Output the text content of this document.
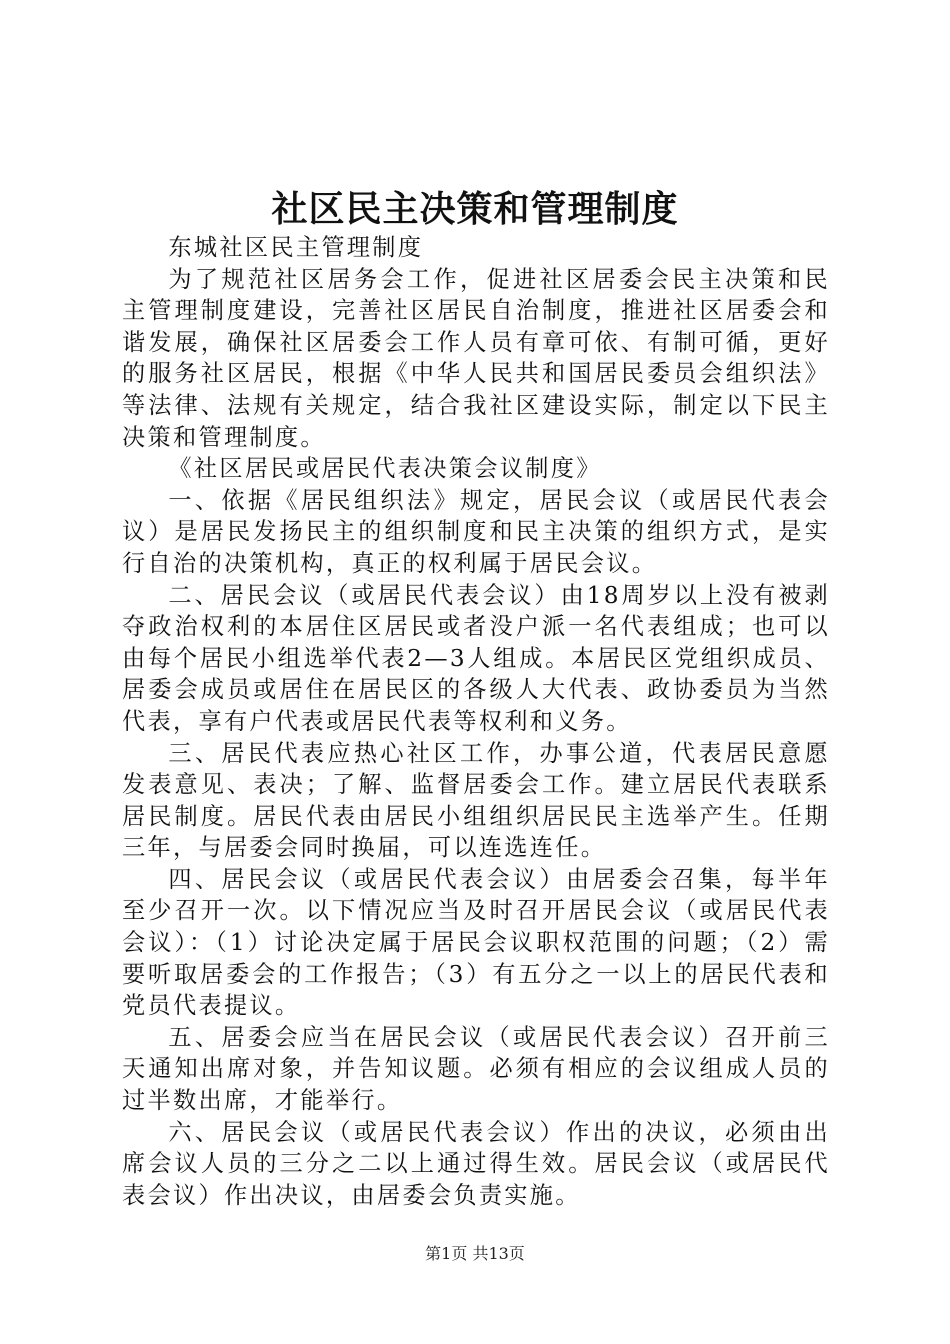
社区民主决策和管理制度

东城社区民主管理制度

为了规范社区居务会工作，促进社区居委会民主决策和民主管理制度建设，完善社区居民自治制度，推进社区居委会和谐发展，确保社区居委会工作人员有章可依、有制可循，更好的服务社区居民，根据《中华人民共和国居民委员会组织法》等法律、法规有关规定，结合我社区建设实际，制定以下民主决策和管理制度。

《社区居民或居民代表决策会议制度》

一、依据《居民组织法》规定，居民会议（或居民代表会议）是居民发扬民主的组织制度和民主决策的组织方式，是实行自治的决策机构，真正的权利属于居民会议。

二、居民会议（或居民代表会议）由18周岁以上没有被剥夺政治权利的本居住区居民或者没户派一名代表组成；也可以由每个居民小组选举代表2—3人组成。本居民区党组织成员、居委会成员或居住在居民区的各级人大代表、政协委员为当然代表，享有户代表或居民代表等权利和义务。

三、居民代表应热心社区工作，办事公道，代表居民意愿发表意见、表决；了解、监督居委会工作。建立居民代表联系居民制度。居民代表由居民小组组织居民民主选举产生。任期三年，与居委会同时换届，可以连选连任。

四、居民会议（或居民代表会议）由居委会召集，每半年至少召开一次。以下情况应当及时召开居民会议（或居民代表会议）：（1）讨论决定属于居民会议职权范围的问题；（2）需要听取居委会的工作报告；（3）有五分之一以上的居民代表和党员代表提议。

五、居委会应当在居民会议（或居民代表会议）召开前三天通知出席对象，并告知议题。必须有相应的会议组成人员的过半数出席，才能举行。

六、居民会议（或居民代表会议）作出的决议，必须由出席会议人员的三分之二以上通过得生效。居民会议（或居民代表会议）作出决议，由居委会负责实施。

第1页 共13页
